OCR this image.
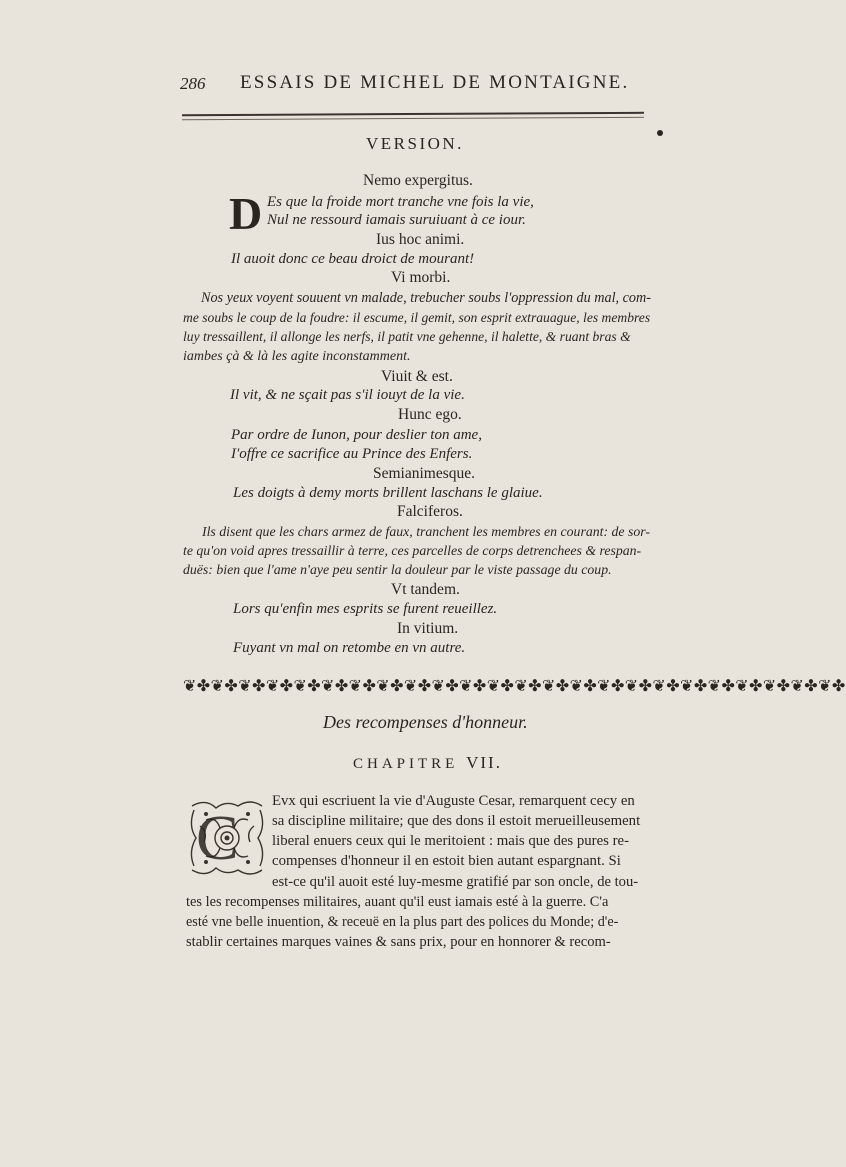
286 ESSAIS DE MICHEL DE MONTAIGNE.
VERSION.
D
Nemo expergitus.
Es que la froide mort tranche vne fois la vie,
Nul ne ressourd iamais suruiuant à ce iour.
Ius hoc animi.
Il auoit donc ce beau droict de mourant!
Vi morbi.
Nos yeux voyent souuent vn malade, trebucher soubs l'oppression du mal, com-
me soubs le coup de la foudre: il escume, il gemit, son esprit extrauague, les membres
luy tressaillent, il allonge les nerfs, il patit vne gehenne, il halette, & ruant bras &
iambes çà & là les agite inconstamment.
Viuit & est.
Il vit, & ne sçait pas s'il iouyt de la vie.
Hunc ego.
Par ordre de Iunon, pour deslier ton ame,
I'offre ce sacrifice au Prince des Enfers.
Semianimesque.
Les doigts à demy morts brillent laschans le glaiue.
Falciferos.
Ils disent que les chars armez de faux, tranchent les membres en courant: de sor-
te qu'on void apres tressaillir à terre, ces parcelles de corps detrenchees & respan-
duës: bien que l'ame n'aye peu sentir la douleur par le viste passage du coup.
Vt tandem.
Lors qu'enfin mes esprits se furent reueillez.
In vitium.
Fuyant vn mal on retombe en vn autre.
❦✤❦✤❦✤❦✤❦✤❦✤❦✤❦✤❦✤❦✤❦✤❦✤❦✤❦✤❦✤❦✤❦✤❦✤❦✤❦✤❦✤❦✤❦✤❦✤
Des recompenses d'honneur.
CHAPITRE VII.
C
Evx qui escriuent la vie d'Auguste Cesar, remarquent cecy en
sa discipline militaire; que des dons il estoit merueilleusement
liberal enuers ceux qui le meritoient : mais que des pures re-
compenses d'honneur il en estoit bien autant espargnant. Si
est-ce qu'il auoit esté luy-mesme gratifié par son oncle, de tou-
tes les recompenses militaires, auant qu'il eust iamais esté à la guerre. C'a
esté vne belle inuention, & receuë en la plus part des polices du Monde; d'e-
stablir certaines marques vaines & sans prix, pour en honnorer & recom-
